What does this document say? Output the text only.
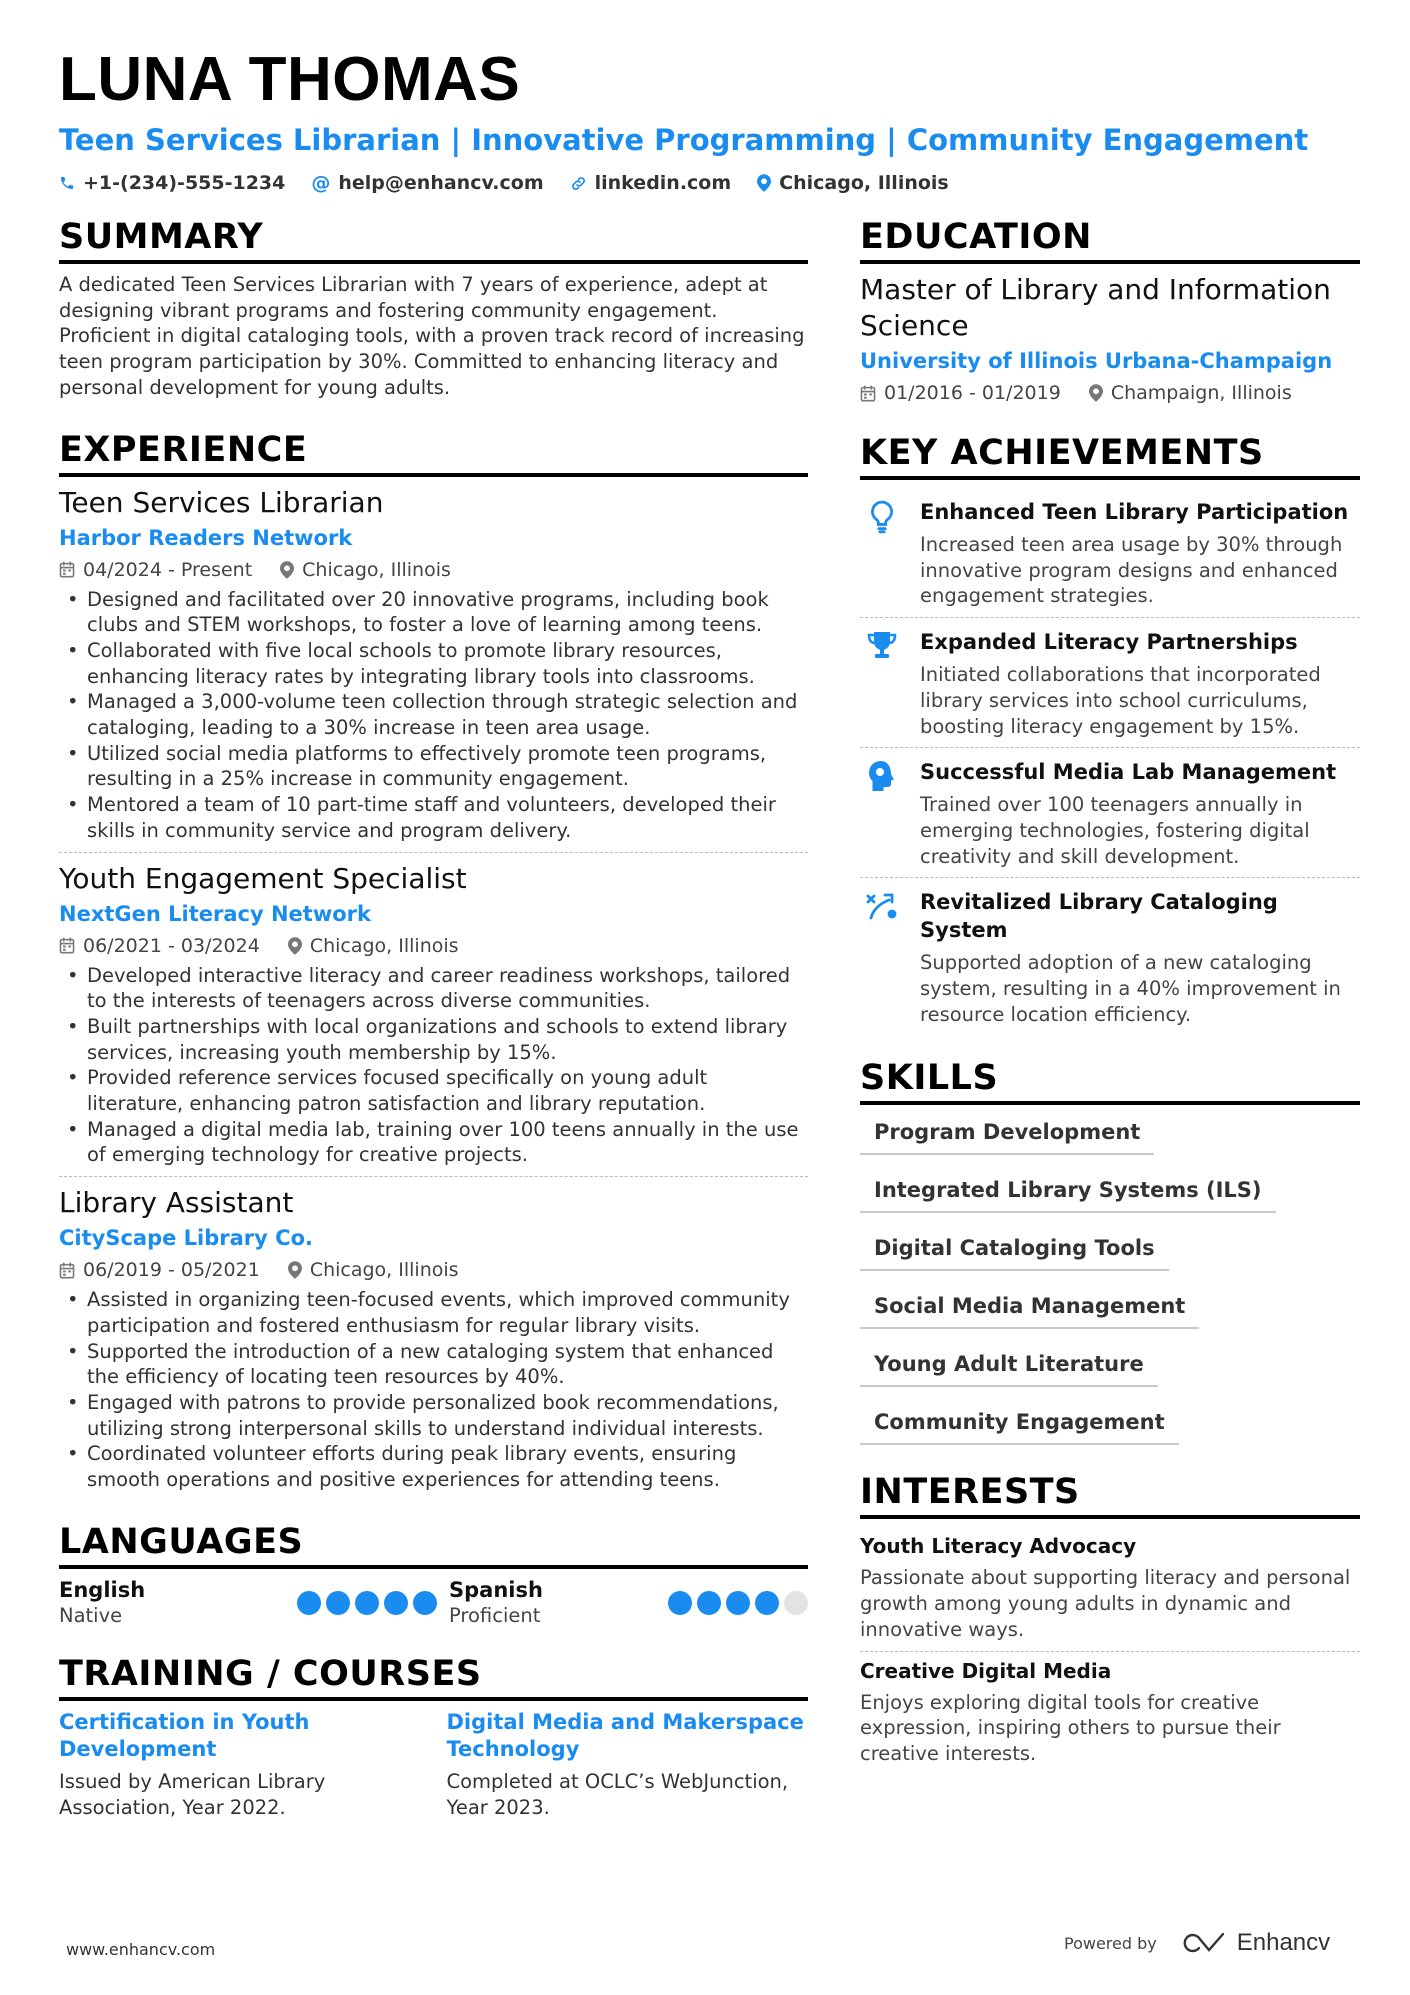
LUNA THOMAS
Teen Services Librarian | Innovative Programming | Community Engagement
+1-(234)-555-1234 @ help@enhancv.com	linkedin.com	Chicago, Illinois
SUMMARY
A dedicated Teen Services Librarian with 7 years of experience, adept at designing vibrant programs and fostering community engagement. Proficient in digital cataloging tools, with a proven track record of increasing teen program participation by 30%. Committed to enhancing literacy and personal development for young adults.
EXPERIENCE
Teen Services Librarian
Harbor Readers Network
04/2024 - Present	Chicago, Illinois
• Designed and facilitated over 20 innovative programs, including book clubs and STEM workshops, to foster a love of learning among teens.
• Collaborated with five local schools to promote library resources, enhancing literacy rates by integrating library tools into classrooms.
• Managed a 3,000-volume teen collection through strategic selection and cataloging, leading to a 30% increase in teen area usage.
• Utilized social media platforms to effectively promote teen programs, resulting in a 25% increase in community engagement.
• Mentored a team of 10 part-time staff and volunteers, developed their skills in community service and program delivery.
Youth Engagement Specialist
NextGen Literacy Network
06/2021 - 03/2024	Chicago, Illinois
• Developed interactive literacy and career readiness workshops, tailored to the interests of teenagers across diverse communities.
• Built partnerships with local organizations and schools to extend library services, increasing youth membership by 15%.
• Provided reference services focused specifically on young adult literature, enhancing patron satisfaction and library reputation.
• Managed a digital media lab, training over 100 teens annually in the use of emerging technology for creative projects.
Library Assistant
CityScape Library Co.
06/2019 - 05/2021	Chicago, Illinois
• Assisted in organizing teen-focused events, which improved community participation and fostered enthusiasm for regular library visits.
• Supported the introduction of a new cataloging system that enhanced the efficiency of locating teen resources by 40%.
• Engaged with patrons to provide personalized book recommendations, utilizing strong interpersonal skills to understand individual interests.
• Coordinated volunteer efforts during peak library events, ensuring smooth operations and positive experiences for attending teens.
LANGUAGES
English
Native
Spanish
Proficient
TRAINING / COURSES
Certification in Youth Development
Issued by American Library Association, Year 2022.
Digital Media and Makerspace Technology
Completed at OCLC’s WebJunction, Year 2023.
EDUCATION
Master of Library and Information Science
University of Illinois Urbana-Champaign
01/2016 - 01/2019	Champaign, Illinois
KEY ACHIEVEMENTS
Enhanced Teen Library Participation
Increased teen area usage by 30% through innovative program designs and enhanced engagement strategies.
Expanded Literacy Partnerships
Initiated collaborations that incorporated library services into school curriculums, boosting literacy engagement by 15%.
Successful Media Lab Management
Trained over 100 teenagers annually in emerging technologies, fostering digital creativity and skill development.
Revitalized Library Cataloging System
Supported adoption of a new cataloging system, resulting in a 40% improvement in resource location efficiency.
SKILLS
Program Development
Integrated Library Systems (ILS)
Digital Cataloging Tools
Social Media Management
Young Adult Literature
Community Engagement
INTERESTS
Youth Literacy Advocacy
Passionate about supporting literacy and personal growth among young adults in dynamic and innovative ways.
Creative Digital Media
Enjoys exploring digital tools for creative expression, inspiring others to pursue their creative interests.
www.enhancv.com	Powered by	Enhancv
